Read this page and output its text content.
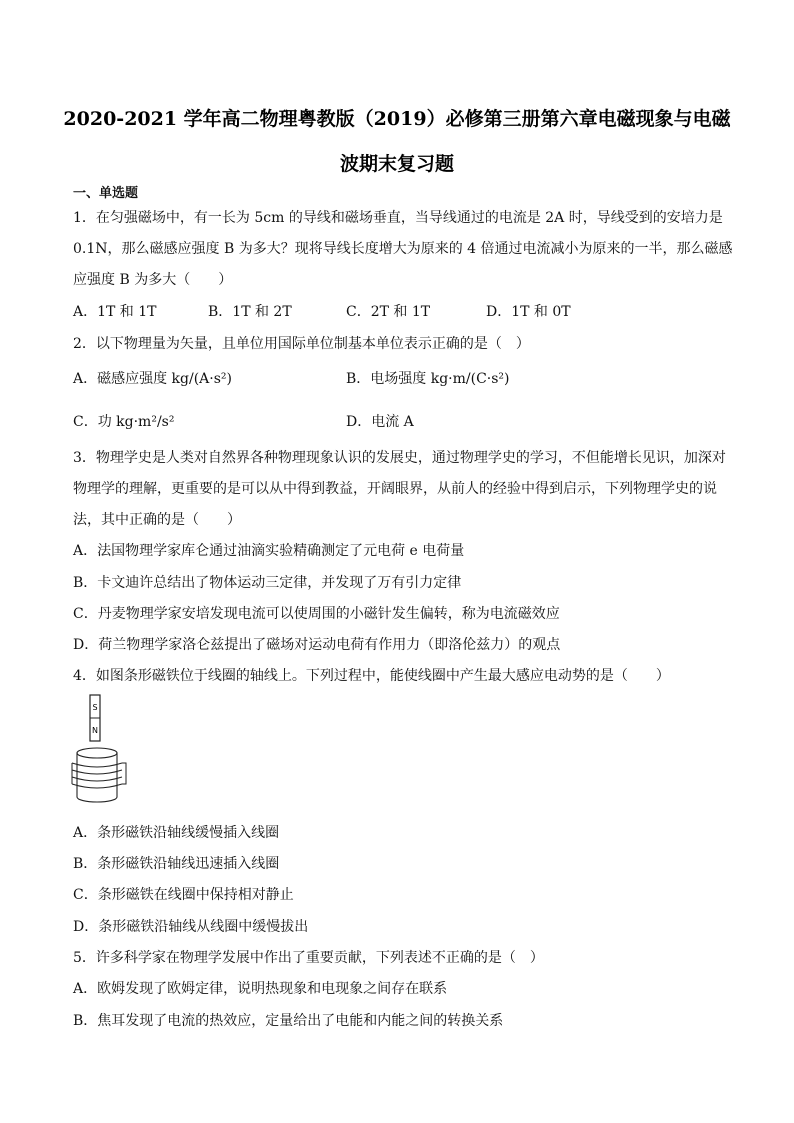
2020-2021 学年高二物理粤教版（2019）必修第三册第六章电磁现象与电磁
波期末复习题
一、单选题
1．在匀强磁场中，有一长为 5cm 的导线和磁场垂直，当导线通过的电流是 2A 时，导线受到的安培力是
0.1N，那么磁感应强度 B 为多大？现将导线长度增大为原来的 4 倍通过电流减小为原来的一半，那么磁感
应强度 B 为多大（　　）
A．1T 和 1T	B．1T 和 2T	C．2T 和 1T	D．1T 和 0T
2．以下物理量为矢量，且单位用国际单位制基本单位表示正确的是（　）
A．磁感应强度 kg/(A·s²)	B．电场强度 kg·m/(C·s²)
C．功 kg·m²/s²	D．电流 A
3．物理学史是人类对自然界各种物理现象认识的发展史，通过物理学史的学习，不但能增长见识，加深对
物理学的理解，更重要的是可以从中得到教益，开阔眼界，从前人的经验中得到启示，下列物理学史的说
法，其中正确的是（　　）
A．法国物理学家库仑通过油滴实验精确测定了元电荷 e 电荷量
B．卡文迪许总结出了物体运动三定律，并发现了万有引力定律
C．丹麦物理学家安培发现电流可以使周围的小磁针发生偏转，称为电流磁效应
D．荷兰物理学家洛仑兹提出了磁场对运动电荷有作用力（即洛伦兹力）的观点
4．如图条形磁铁位于线圈的轴线上。下列过程中，能使线圈中产生最大感应电动势的是（　　）
S
N
A．条形磁铁沿轴线缓慢插入线圈
B．条形磁铁沿轴线迅速插入线圈
C．条形磁铁在线圈中保持相对静止
D．条形磁铁沿轴线从线圈中缓慢拔出
5．许多科学家在物理学发展中作出了重要贡献，下列表述不正确的是（　）
A．欧姆发现了欧姆定律，说明热现象和电现象之间存在联系
B．焦耳发现了电流的热效应，定量给出了电能和内能之间的转换关系
